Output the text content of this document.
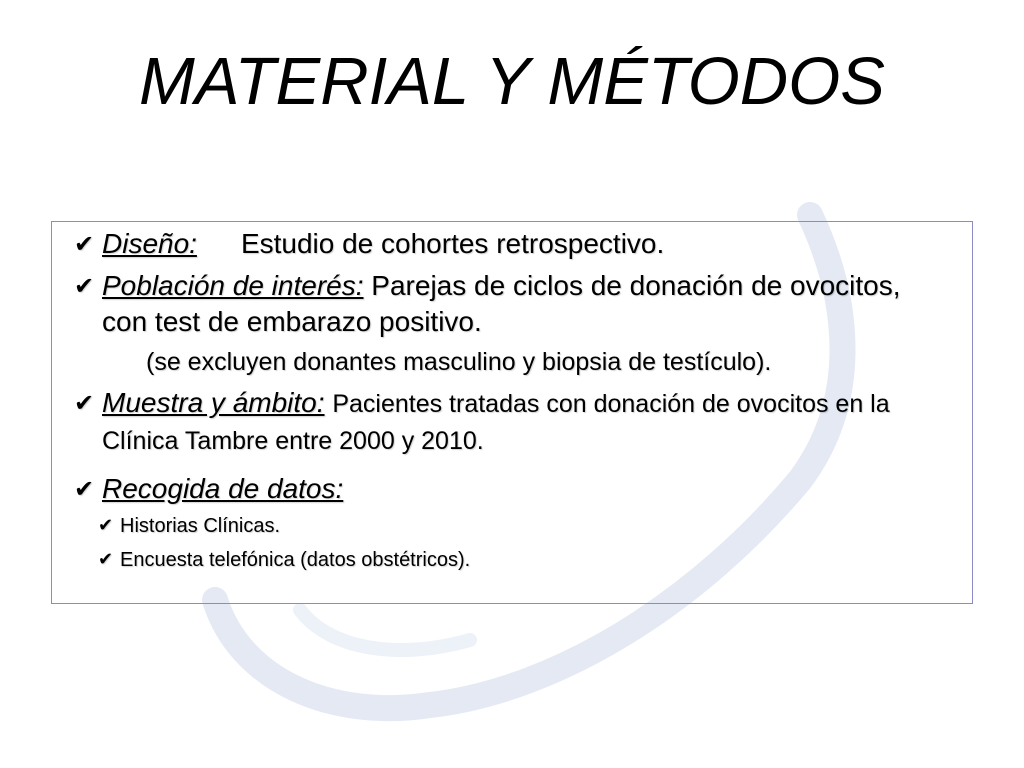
MATERIAL Y MÉTODOS
✔ Diseño: Estudio de cohortes retrospectivo.
✔ Población de interés: Parejas de ciclos de donación de ovocitos, con test de embarazo positivo.
(se excluyen donantes masculino y biopsia de testículo).
✔ Muestra y ámbito: Pacientes tratadas con donación de ovocitos en la Clínica Tambre entre 2000 y 2010.
✔ Recogida de datos:
✔ Historias Clínicas.
✔ Encuesta telefónica (datos obstétricos).
